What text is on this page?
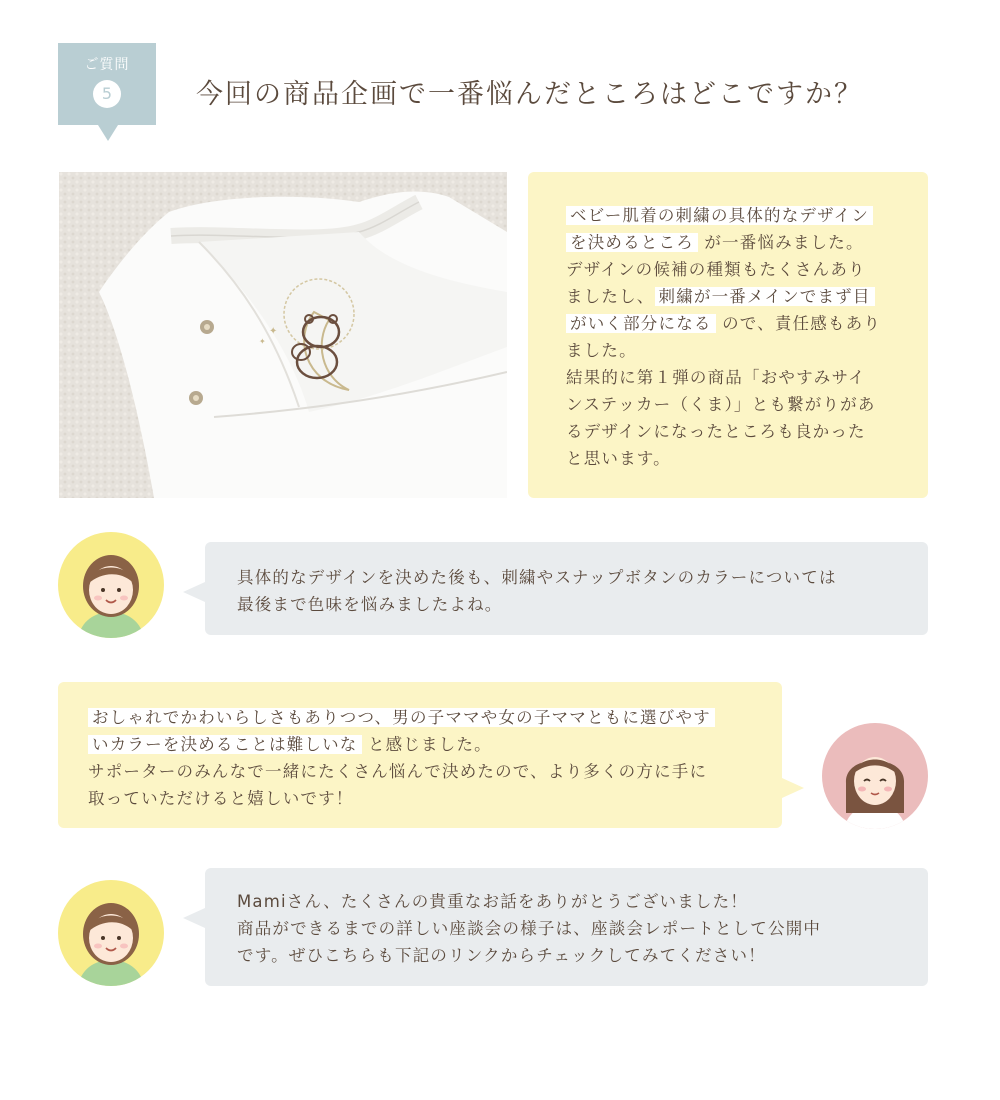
ご質問
5	今回の商品企画で一番悩んだところはどこですか？
✦
✦

ベビー肌着の刺繍の具体的なデザイン
を決めるところ が一番悩みました。
デザインの候補の種類もたくさんあり
ましたし、 刺繍が一番メインでまず目
がいく部分になる ので、責任感もあり
ました。
結果的に第１弾の商品「おやすみサイ
ンステッカー（くま）」とも繋がりがあ
るデザインになったところも良かった
と思います。

具体的なデザインを決めた後も、刺繍やスナップボタンのカラーについては
最後まで色味を悩みましたよね。

おしゃれでかわいらしさもありつつ、男の子ママや女の子ママともに選びやす
いカラーを決めることは難しいな と感じました。
サポーターのみんなで一緒にたくさん悩んで決めたので、より多くの方に手に
取っていただけると嬉しいです！

Mamiさん、たくさんの貴重なお話をありがとうございました！
商品ができるまでの詳しい座談会の様子は、座談会レポートとして公開中
です。ぜひこちらも下記のリンクからチェックしてみてください！
